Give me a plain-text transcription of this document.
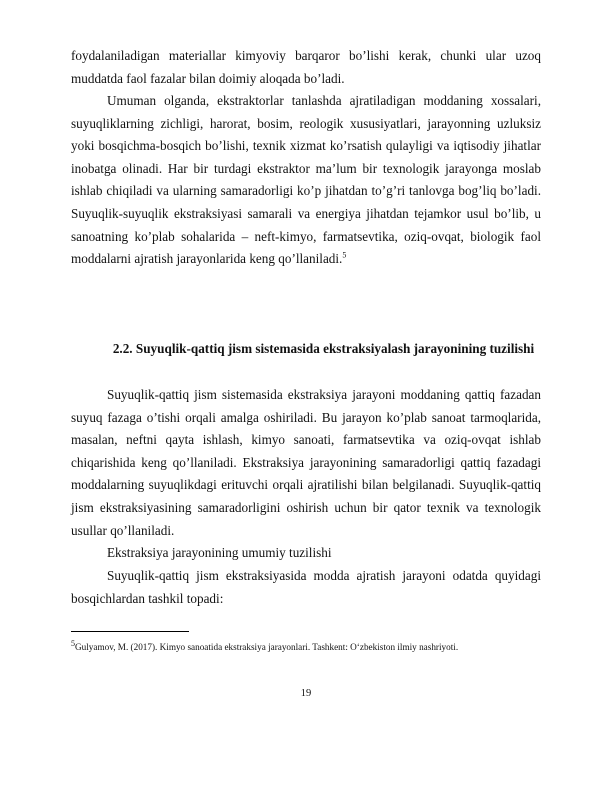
foydalaniladigan materiallar kimyoviy barqaror bo’lishi kerak, chunki ular uzoq muddatda faol fazalar bilan doimiy aloqada bo’ladi.

Umuman olganda, ekstraktorlar tanlashda ajratiladigan moddaning xossalari, suyuqliklarning zichligi, harorat, bosim, reologik xususiyatlari, jarayonning uzluksiz yoki bosqichma-bosqich bo’lishi, texnik xizmat ko’rsatish qulayligi va iqtisodiy jihatlar inobatga olinadi. Har bir turdagi ekstraktor ma’lum bir texnologik jarayonga moslab ishlab chiqiladi va ularning samaradorligi ko’p jihatdan to’g’ri tanlovga bog’liq bo’ladi. Suyuqlik-suyuqlik ekstraksiyasi samarali va energiya jihatdan tejamkor usul bo’lib, u sanoatning ko’plab sohalarida – neft-kimyo, farmatsevtika, oziq-ovqat, biologik faol moddalarni ajratish jarayonlarida keng qo’llaniladi.$^5$

2.2. Suyuqlik-qattiq jism sistemasida ekstraksiyalash jarayonining tuzilishi

Suyuqlik-qattiq jism sistemasida ekstraksiya jarayoni moddaning qattiq fazadan suyuq fazaga o’tishi orqali amalga oshiriladi. Bu jarayon ko’plab sanoat tarmoqlarida, masalan, neftni qayta ishlash, kimyo sanoati, farmatsevtika va oziq-ovqat ishlab chiqarishida keng qo’llaniladi. Ekstraksiya jarayonining samaradorligi qattiq fazadagi moddalarning suyuqlikdagi erituvchi orqali ajratilishi bilan belgilanadi. Suyuqlik-qattiq jism ekstraksiyasining samaradorligini oshirish uchun bir qator texnik va texnologik usullar qo’llaniladi.

Ekstraksiya jarayonining umumiy tuzilishi

Suyuqlik-qattiq jism ekstraksiyasida modda ajratish jarayoni odatda quyidagi bosqichlardan tashkil topadi:

$^5$Gulyamov, M. (2017). Kimyo sanoatida ekstraksiya jarayonlari. Tashkent: O‘zbekiston ilmiy nashriyoti.

19
